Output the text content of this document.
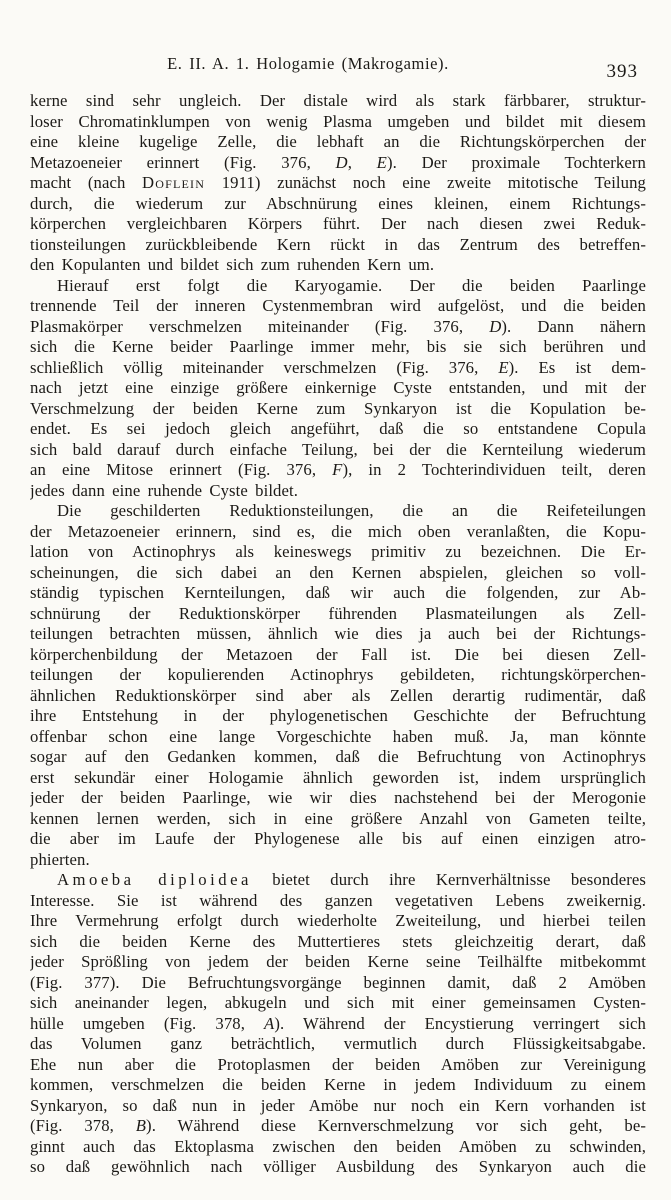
E. II. A. 1. Hologamie (Makrogamie).	393
kerne sind sehr ungleich. Der distale wird als stark färbbarer, struktur-
loser Chromatinklumpen von wenig Plasma umgeben und bildet mit diesem
eine kleine kugelige Zelle, die lebhaft an die Richtungskörperchen der
Metazoeneier erinnert (Fig. 376, D, E). Der proximale Tochterkern
macht (nach Doflein 1911) zunächst noch eine zweite mitotische Teilung
durch, die wiederum zur Abschnürung eines kleinen, einem Richtungs-
körperchen vergleichbaren Körpers führt. Der nach diesen zwei Reduk-
tionsteilungen zurückbleibende Kern rückt in das Zentrum des betreffen-
den Kopulanten und bildet sich zum ruhenden Kern um.
Hierauf erst folgt die Karyogamie. Der die beiden Paarlinge
trennende Teil der inneren Cystenmembran wird aufgelöst, und die beiden
Plasmakörper verschmelzen miteinander (Fig. 376, D). Dann nähern
sich die Kerne beider Paarlinge immer mehr, bis sie sich berühren und
schließlich völlig miteinander verschmelzen (Fig. 376, E). Es ist dem-
nach jetzt eine einzige größere einkernige Cyste entstanden, und mit der
Verschmelzung der beiden Kerne zum Synkaryon ist die Kopulation be-
endet. Es sei jedoch gleich angeführt, daß die so entstandene Copula
sich bald darauf durch einfache Teilung, bei der die Kernteilung wiederum
an eine Mitose erinnert (Fig. 376, F), in 2 Tochterindividuen teilt, deren
jedes dann eine ruhende Cyste bildet.
Die geschilderten Reduktionsteilungen, die an die Reifeteilungen
der Metazoeneier erinnern, sind es, die mich oben veranlaßten, die Kopu-
lation von Actinophrys als keineswegs primitiv zu bezeichnen. Die Er-
scheinungen, die sich dabei an den Kernen abspielen, gleichen so voll-
ständig typischen Kernteilungen, daß wir auch die folgenden, zur Ab-
schnürung der Reduktionskörper führenden Plasmateilungen als Zell-
teilungen betrachten müssen, ähnlich wie dies ja auch bei der Richtungs-
körperchenbildung der Metazoen der Fall ist. Die bei diesen Zell-
teilungen der kopulierenden Actinophrys gebildeten, richtungskörperchen-
ähnlichen Reduktionskörper sind aber als Zellen derartig rudimentär, daß
ihre Entstehung in der phylogenetischen Geschichte der Befruchtung
offenbar schon eine lange Vorgeschichte haben muß. Ja, man könnte
sogar auf den Gedanken kommen, daß die Befruchtung von Actinophrys
erst sekundär einer Hologamie ähnlich geworden ist, indem ursprünglich
jeder der beiden Paarlinge, wie wir dies nachstehend bei der Merogonie
kennen lernen werden, sich in eine größere Anzahl von Gameten teilte,
die aber im Laufe der Phylogenese alle bis auf einen einzigen atro-
phierten.
Amoeba diploidea bietet durch ihre Kernverhältnisse besonderes
Interesse. Sie ist während des ganzen vegetativen Lebens zweikernig.
Ihre Vermehrung erfolgt durch wiederholte Zweiteilung, und hierbei teilen
sich die beiden Kerne des Muttertieres stets gleichzeitig derart, daß
jeder Sprößling von jedem der beiden Kerne seine Teilhälfte mitbekommt
(Fig. 377). Die Befruchtungsvorgänge beginnen damit, daß 2 Amöben
sich aneinander legen, abkugeln und sich mit einer gemeinsamen Cysten-
hülle umgeben (Fig. 378, A). Während der Encystierung verringert sich
das Volumen ganz beträchtlich, vermutlich durch Flüssigkeitsabgabe.
Ehe nun aber die Protoplasmen der beiden Amöben zur Vereinigung
kommen, verschmelzen die beiden Kerne in jedem Individuum zu einem
Synkaryon, so daß nun in jeder Amöbe nur noch ein Kern vorhanden ist
(Fig. 378, B). Während diese Kernverschmelzung vor sich geht, be-
ginnt auch das Ektoplasma zwischen den beiden Amöben zu schwinden,
so daß gewöhnlich nach völliger Ausbildung des Synkaryon auch die
